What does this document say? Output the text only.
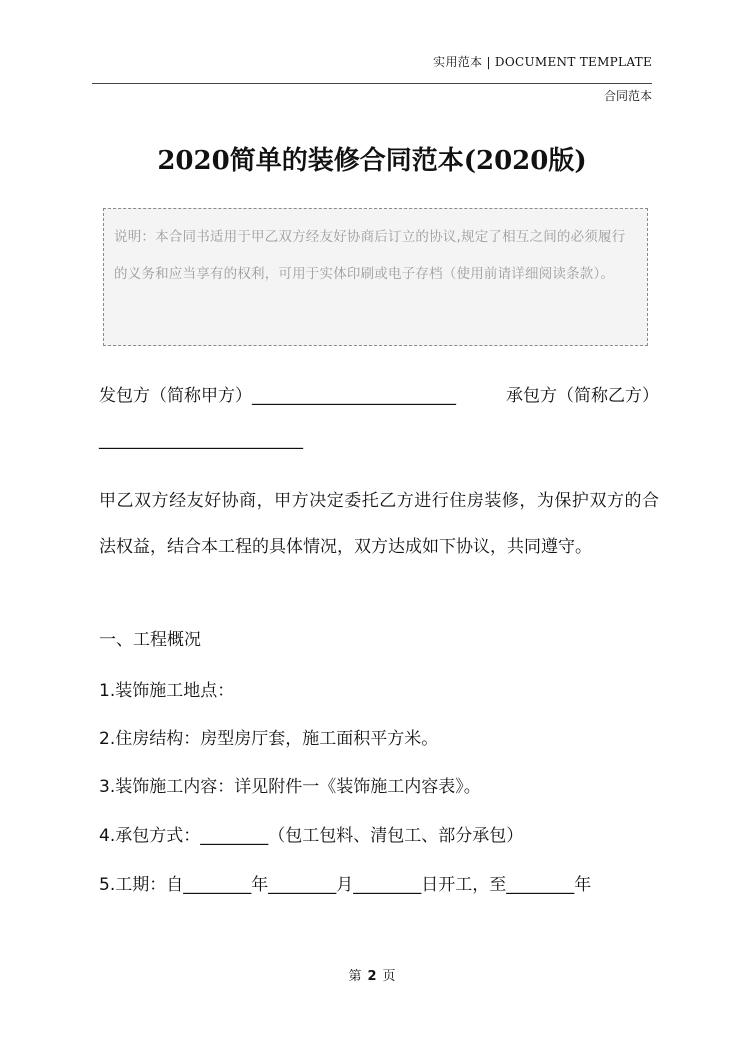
实用范本 | DOCUMENT TEMPLATE
合同范本
2020简单的装修合同范本(2020版)

说明：本合同书适用于甲乙双方经友好协商后订立的协议,规定了相互之间的必须履行的义务和应当享有的权利，可用于实体印刷或电子存档（使用前请详细阅读条款）。

发包方（简称甲方）________________________	承包方（简称乙方）
________________________

甲乙双方经友好协商，甲方决定委托乙方进行住房装修，为保护双方的合法权益，结合本工程的具体情况，双方达成如下协议，共同遵守。

一、工程概况
1.装饰施工地点：
2.住房结构：房型房厅套，施工面积平方米。
3.装饰施工内容：详见附件一《装饰施工内容表》。
4.承包方式：________（包工包料、清包工、部分承包）
5.工期：自________年________月________日开工，至________年
第 2 页
